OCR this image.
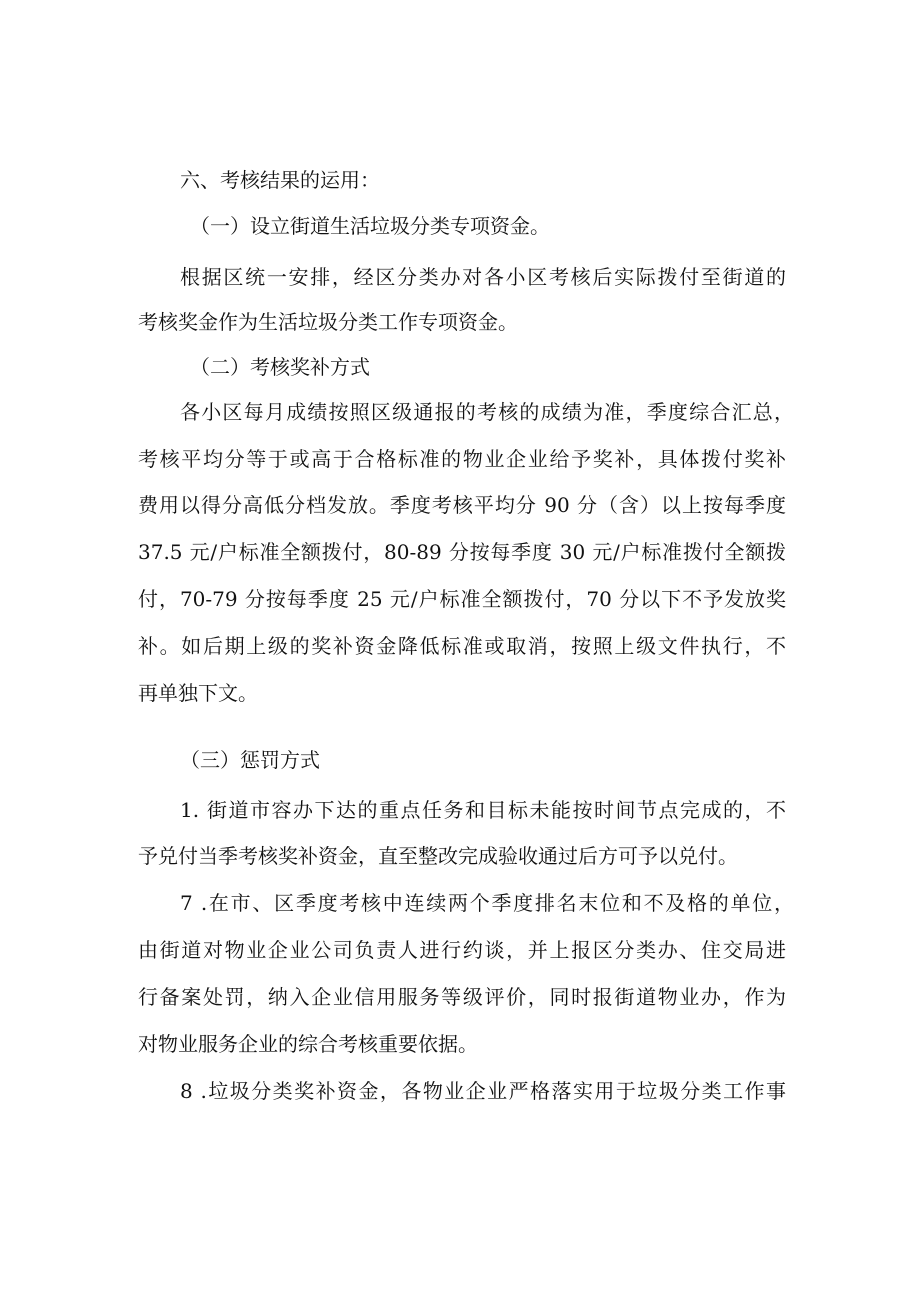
六、考核结果的运用：
（一）设立街道生活垃圾分类专项资金。
根据区统一安排，经区分类办对各小区考核后实际拨付至街道的
考核奖金作为生活垃圾分类工作专项资金。
（二）考核奖补方式
各小区每月成绩按照区级通报的考核的成绩为准，季度综合汇总，
考核平均分等于或高于合格标准的物业企业给予奖补，具体拨付奖补
费用以得分高低分档发放。季度考核平均分 90 分（含）以上按每季度
37.5 元/户标准全额拨付，80-89 分按每季度 30 元/户标准拨付全额拨
付，70-79 分按每季度 25 元/户标准全额拨付，70 分以下不予发放奖
补。如后期上级的奖补资金降低标准或取消，按照上级文件执行，不
再单独下文。
（三）惩罚方式
1. 街道市容办下达的重点任务和目标未能按时间节点完成的，不
予兑付当季考核奖补资金，直至整改完成验收通过后方可予以兑付。
7 .在市、区季度考核中连续两个季度排名末位和不及格的单位，
由街道对物业企业公司负责人进行约谈，并上报区分类办、住交局进
行备案处罚，纳入企业信用服务等级评价，同时报街道物业办，作为
对物业服务企业的综合考核重要依据。
8 .垃圾分类奖补资金，各物业企业严格落实用于垃圾分类工作事
